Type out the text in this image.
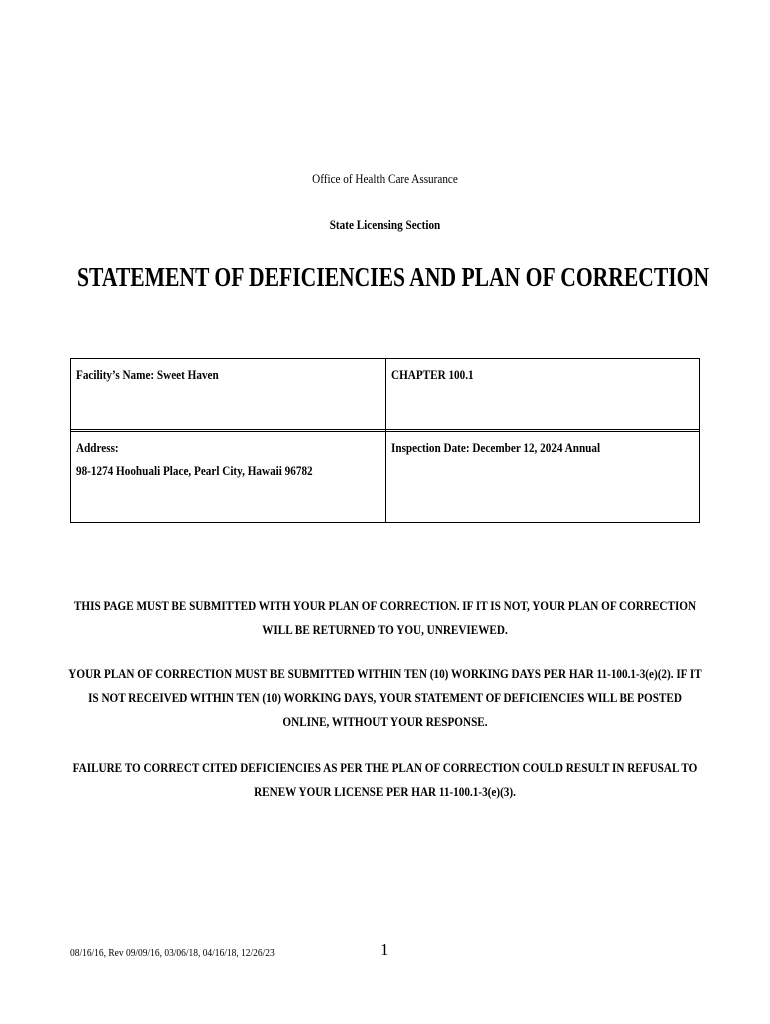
Office of Health Care Assurance
State Licensing Section
STATEMENT OF DEFICIENCIES AND PLAN OF CORRECTION
Facility’s Name: Sweet Haven	CHAPTER 100.1
Address:
98-1274 Hoohuali Place, Pearl City, Hawaii 96782
Inspection Date: December 12, 2024 Annual
THIS PAGE MUST BE SUBMITTED WITH YOUR PLAN OF CORRECTION. IF IT IS NOT, YOUR PLAN OF CORRECTION WILL BE RETURNED TO YOU, UNREVIEWED.
YOUR PLAN OF CORRECTION MUST BE SUBMITTED WITHIN TEN (10) WORKING DAYS PER HAR 11-100.1-3(e)(2). IF IT IS NOT RECEIVED WITHIN TEN (10) WORKING DAYS, YOUR STATEMENT OF DEFICIENCIES WILL BE POSTED ONLINE, WITHOUT YOUR RESPONSE.
FAILURE TO CORRECT CITED DEFICIENCIES AS PER THE PLAN OF CORRECTION COULD RESULT IN REFUSAL TO RENEW YOUR LICENSE PER HAR 11-100.1-3(e)(3).
08/16/16, Rev 09/09/16, 03/06/18, 04/16/18, 12/26/23	1
